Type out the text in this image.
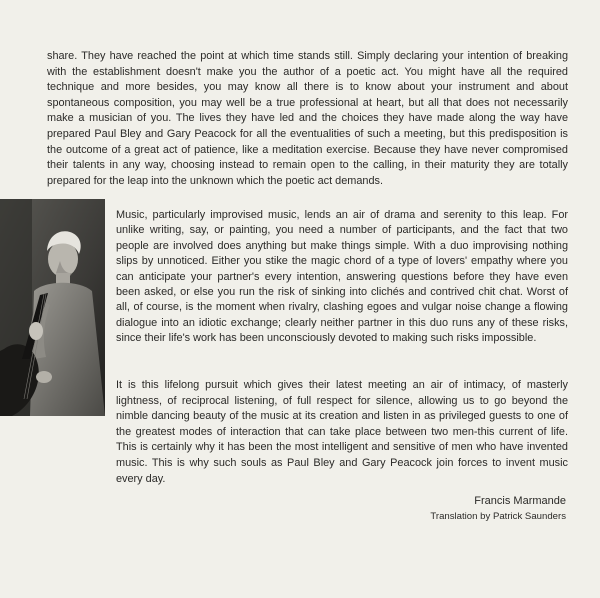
share. They have reached the point at which time stands still. Simply declaring your intention of breaking with the establishment doesn't make you the author of a poetic act. You might have all the required technique and more besides, you may know all there is to know about your instrument and about spontaneous composition, you may well be a true professional at heart, but all that does not necessarily make a musician of you. The lives they have led and the choices they have made along the way have prepared Paul Bley and Gary Peacock for all the eventualities of such a meeting, but this predisposition is the outcome of a great act of patience, like a meditation exercise. Because they have never compromised their talents in any way, choosing instead to remain open to the calling, in their maturity they are totally prepared for the leap into the unknown which the poetic act demands.

Music, particularly improvised music, lends an air of drama and serenity to this leap. For unlike writing, say, or painting, you need a number of participants, and the fact that two people are involved does anything but make things simple. With a duo improvising nothing slips by unnoticed. Either you stike the magic chord of a type of lovers' empathy where you can anticipate your partner's every intention, answering questions before they have even been asked, or else you run the risk of sinking into clichés and contrived chit chat. Worst of all, of course, is the moment when rivalry, clashing egoes and vulgar noise change a flowing dialogue into an idiotic exchange; clearly neither partner in this duo runs any of these risks, since their life's work has been unconsciously devoted to making such risks impossible.

It is this lifelong pursuit which gives their latest meeting an air of intimacy, of masterly lightness, of reciprocal listening, of full respect for silence, allowing us to go beyond the nimble dancing beauty of the music at its creation and listen in as privileged guests to one of the greatest modes of interaction that can take place between two men-this current of life. This is certainly why it has been the most intelligent and sensitive of men who have invented music. This is why such souls as Paul Bley and Gary Peacock join forces to invent music every day.

Francis Marmande
Translation by Patrick Saunders
